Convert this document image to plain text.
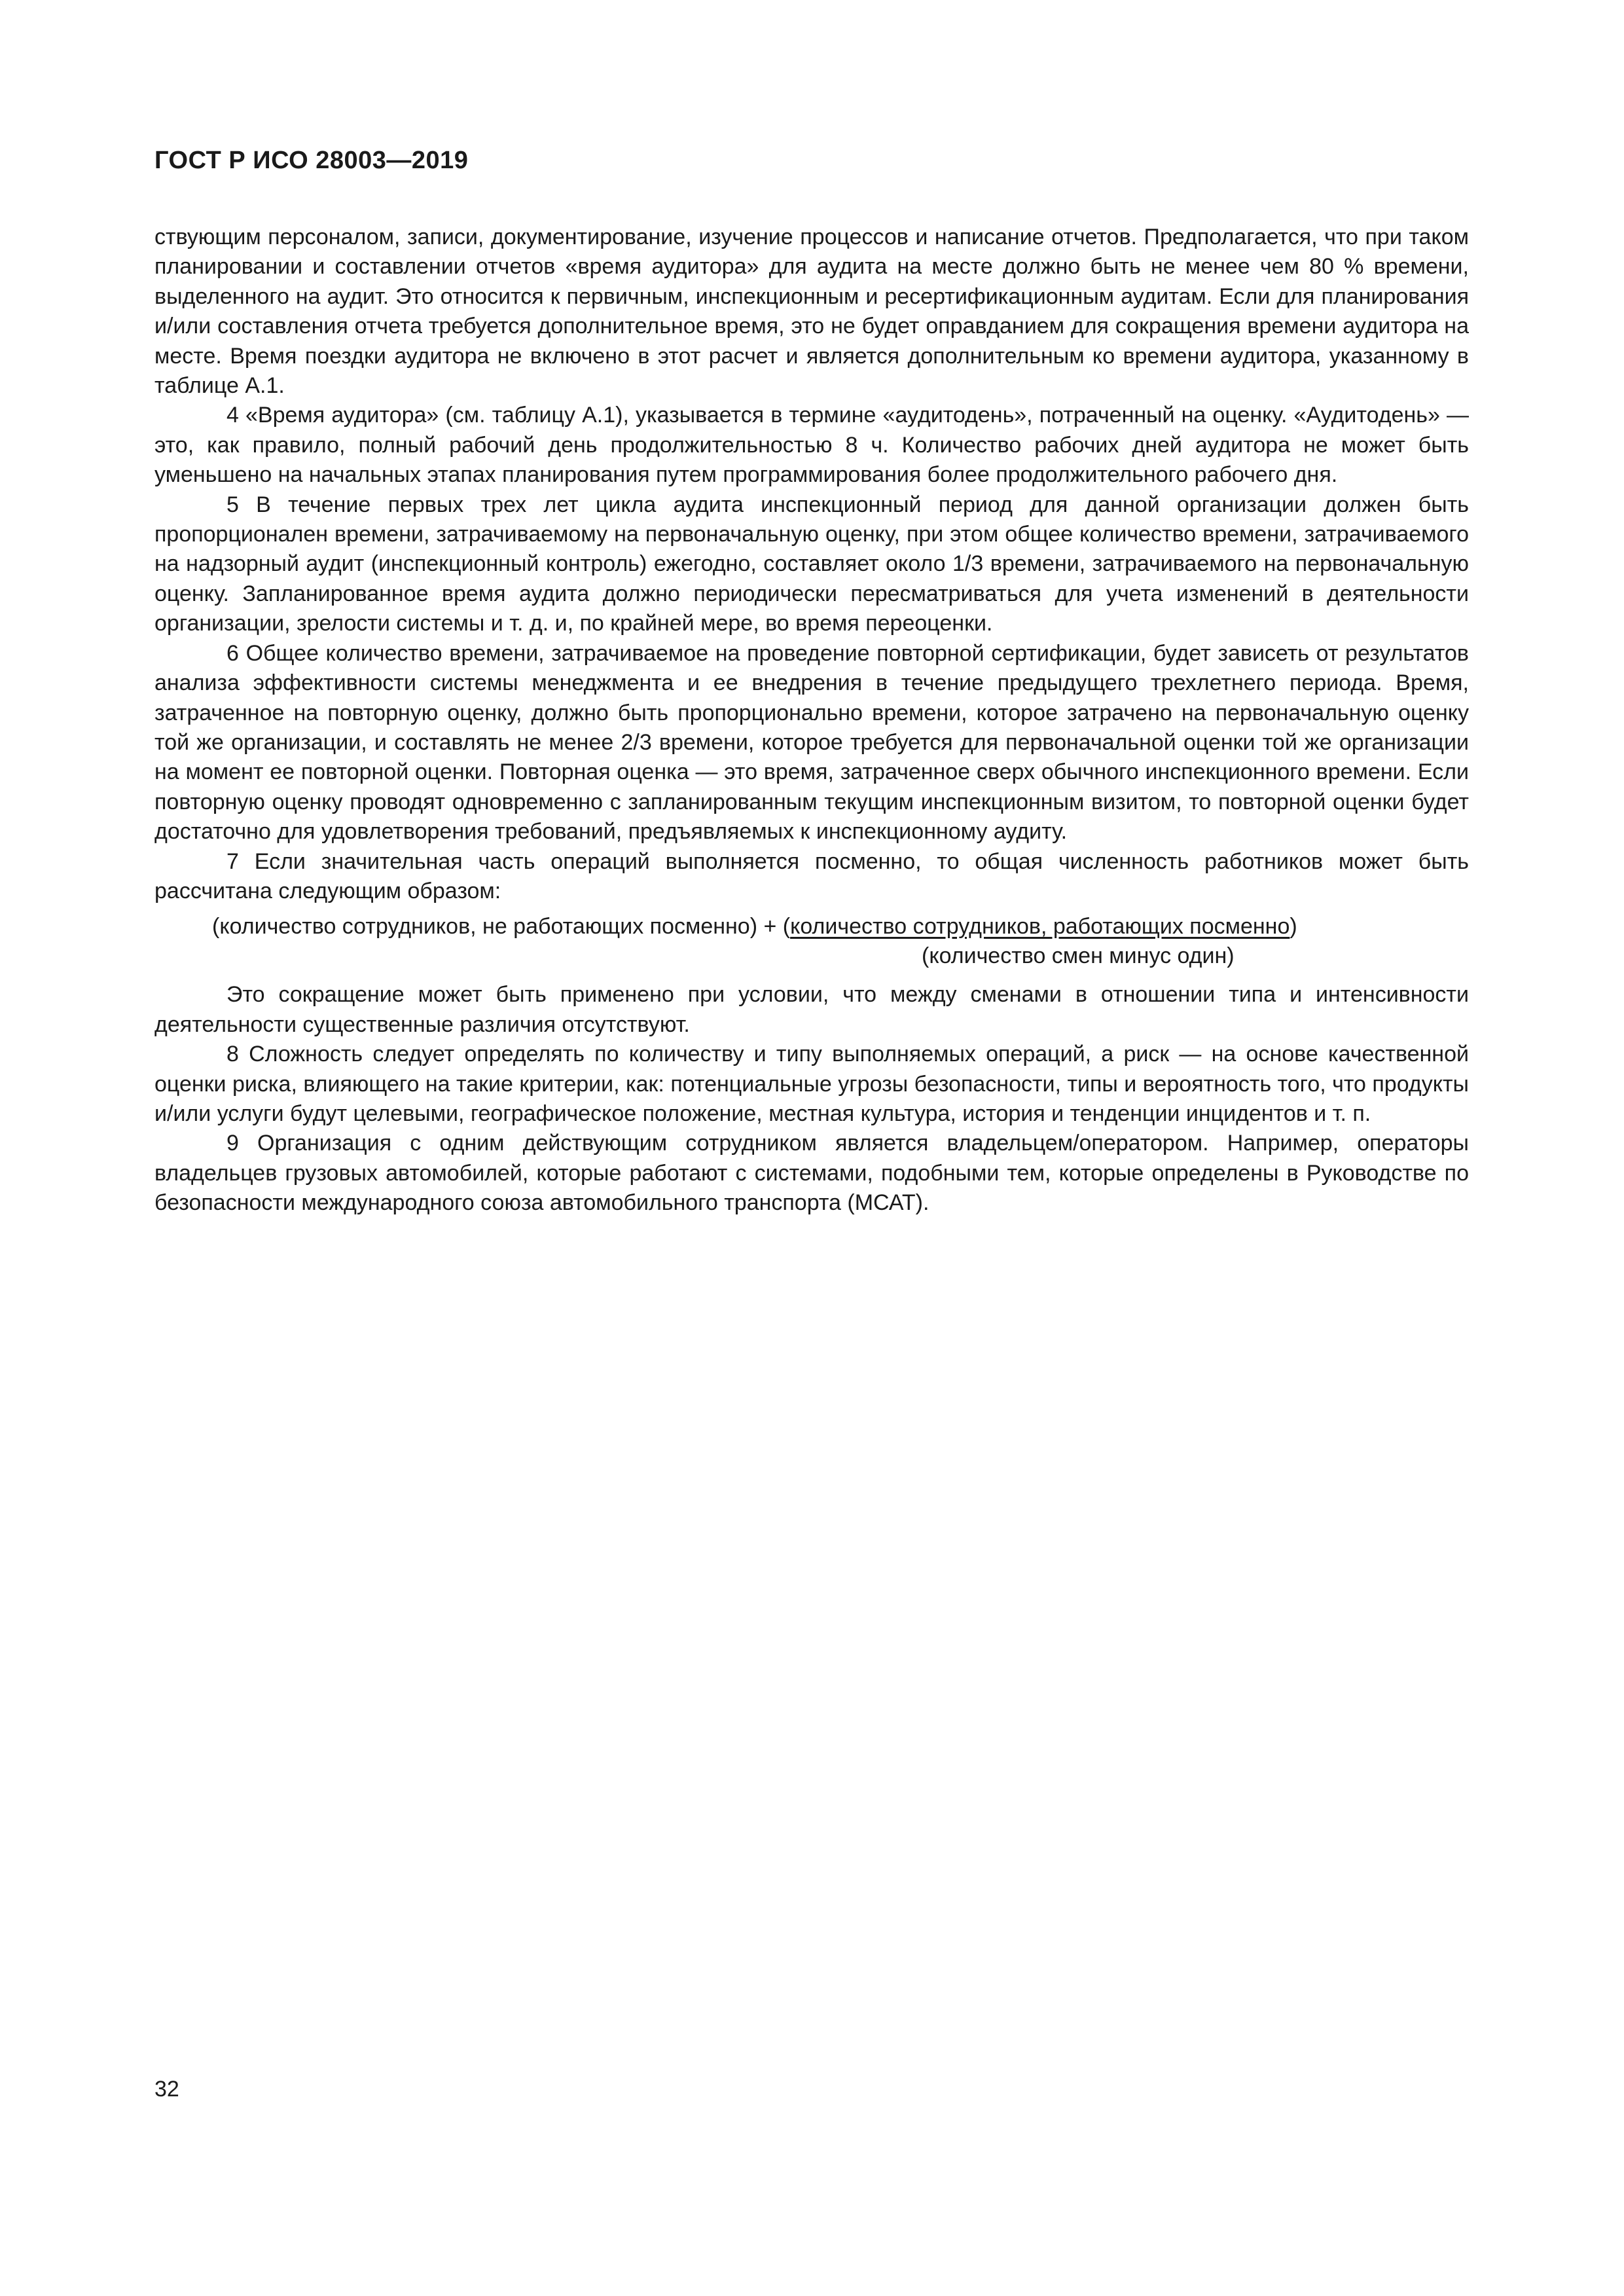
ГОСТ Р ИСО 28003—2019

ствующим персоналом, записи, документирование, изучение процессов и написание отчетов. Предполагается, что при таком планировании и составлении отчетов «время аудитора» для аудита на месте должно быть не менее чем 80 % времени, выделенного на аудит. Это относится к первичным, инспекционным и ресертификационным аудитам. Если для планирования и/или составления отчета требуется дополнительное время, это не будет оправданием для сокращения времени аудитора на месте. Время поездки аудитора не включено в этот расчет и является дополнительным ко времени аудитора, указанному в таблице А.1.

4 «Время аудитора» (см. таблицу А.1), указывается в термине «аудитодень», потраченный на оценку. «Аудитодень» — это, как правило, полный рабочий день продолжительностью 8 ч. Количество рабочих дней аудитора не может быть уменьшено на начальных этапах планирования путем программирования более продолжительного рабочего дня.

5 В течение первых трех лет цикла аудита инспекционный период для данной организации должен быть пропорционален времени, затрачиваемому на первоначальную оценку, при этом общее количество времени, затрачиваемого на надзорный аудит (инспекционный контроль) ежегодно, составляет около 1/3 времени, затрачиваемого на первоначальную оценку. Запланированное время аудита должно периодически пересматриваться для учета изменений в деятельности организации, зрелости системы и т. д. и, по крайней мере, во время переоценки.

6 Общее количество времени, затрачиваемое на проведение повторной сертификации, будет зависеть от результатов анализа эффективности системы менеджмента и ее внедрения в течение предыдущего трехлетнего периода. Время, затраченное на повторную оценку, должно быть пропорционально времени, которое затрачено на первоначальную оценку той же организации, и составлять не менее 2/3 времени, которое требуется для первоначальной оценки той же организации на момент ее повторной оценки. Повторная оценка — это время, затраченное сверх обычного инспекционного времени. Если повторную оценку проводят одновременно с запланированным текущим инспекционным визитом, то повторной оценки будет достаточно для удовлетворения требований, предъявляемых к инспекционному аудиту.

7 Если значительная часть операций выполняется посменно, то общая численность работников может быть рассчитана следующим образом:

(количество сотрудников, не работающих посменно) + (количество сотрудников, работающих посменно)
(количество смен минус один)

Это сокращение может быть применено при условии, что между сменами в отношении типа и интенсивности деятельности существенные различия отсутствуют.

8 Сложность следует определять по количеству и типу выполняемых операций, а риск — на основе качественной оценки риска, влияющего на такие критерии, как: потенциальные угрозы безопасности, типы и вероятность того, что продукты и/или услуги будут целевыми, географическое положение, местная культура, история и тенденции инцидентов и т. п.

9 Организация с одним действующим сотрудником является владельцем/оператором. Например, операторы владельцев грузовых автомобилей, которые работают с системами, подобными тем, которые определены в Руководстве по безопасности международного союза автомобильного транспорта (МСАТ).

32
